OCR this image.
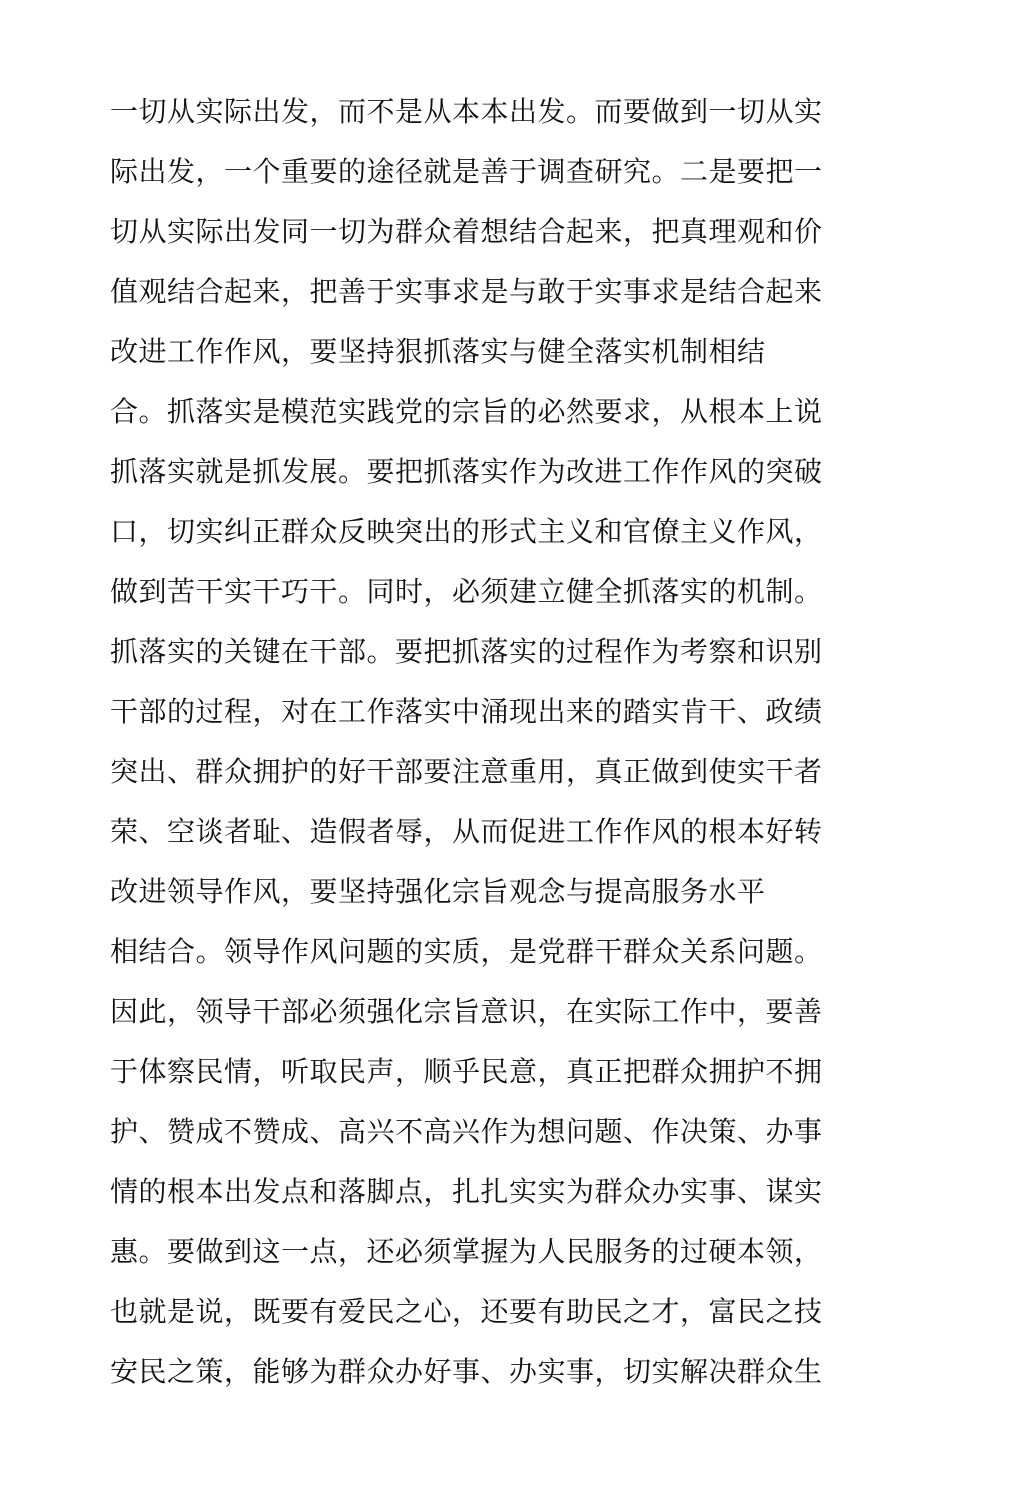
一切从实际出发，而不是从本本出发。而要做到一切从实
际出发，一个重要的途径就是善于调查研究。二是要把一
切从实际出发同一切为群众着想结合起来，把真理观和价
值观结合起来，把善于实事求是与敢于实事求是结合起来
改进工作作风，要坚持狠抓落实与健全落实机制相结
合。抓落实是模范实践党的宗旨的必然要求，从根本上说
抓落实就是抓发展。要把抓落实作为改进工作作风的突破
口，切实纠正群众反映突出的形式主义和官僚主义作风，
做到苦干实干巧干。同时，必须建立健全抓落实的机制。
抓落实的关键在干部。要把抓落实的过程作为考察和识别
干部的过程，对在工作落实中涌现出来的踏实肯干、政绩
突出、群众拥护的好干部要注意重用，真正做到使实干者
荣、空谈者耻、造假者辱，从而促进工作作风的根本好转
改进领导作风，要坚持强化宗旨观念与提高服务水平
相结合。领导作风问题的实质，是党群干群众关系问题。
因此，领导干部必须强化宗旨意识，在实际工作中，要善
于体察民情，听取民声，顺乎民意，真正把群众拥护不拥
护、赞成不赞成、高兴不高兴作为想问题、作决策、办事
情的根本出发点和落脚点，扎扎实实为群众办实事、谋实
惠。要做到这一点，还必须掌握为人民服务的过硬本领，
也就是说，既要有爱民之心，还要有助民之才，富民之技
安民之策，能够为群众办好事、办实事，切实解决群众生
